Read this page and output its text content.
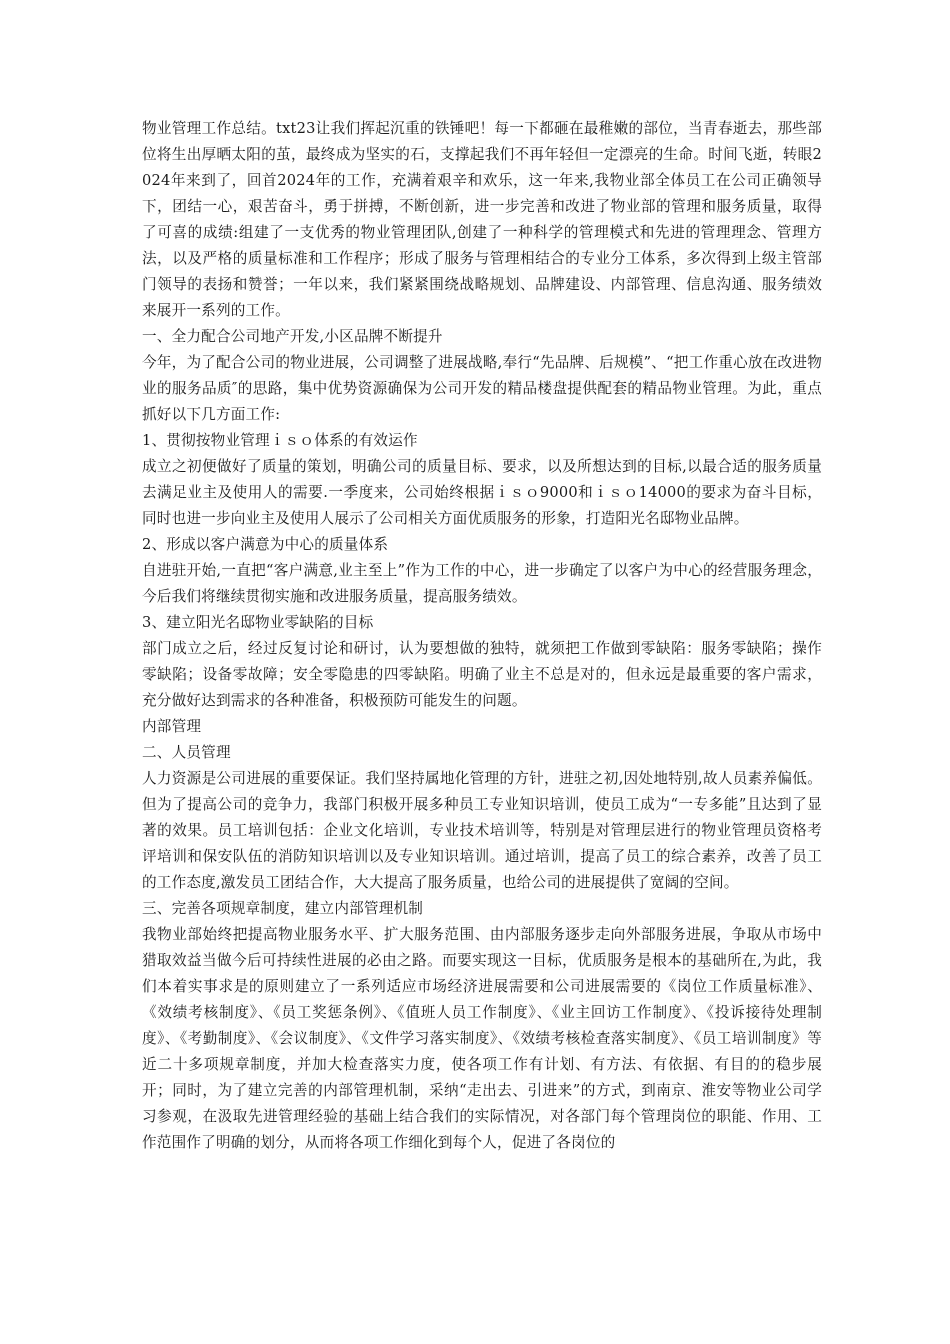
物业管理工作总结。txt23让我们挥起沉重的铁锤吧！每一下都砸在最稚嫩的部位，当青春逝去，那些部位将生出厚晒太阳的茧，最终成为坚实的石，支撑起我们不再年轻但一定漂亮的生命。时间飞逝，转眼2024年来到了，回首2024年的工作，充满着艰辛和欢乐，这一年来,我物业部全体员工在公司正确领导下，团结一心，艰苦奋斗，勇于拼搏，不断创新，进一步完善和改进了物业部的管理和服务质量，取得了可喜的成绩:组建了一支优秀的物业管理团队,创建了一种科学的管理模式和先进的管理理念、管理方法，以及严格的质量标准和工作程序；形成了服务与管理相结合的专业分工体系，多次得到上级主管部门领导的表扬和赞誉；一年以来，我们紧紧围绕战略规划、品牌建设、内部管理、信息沟通、服务绩效来展开一系列的工作。

一、全力配合公司地产开发,小区品牌不断提升

今年，为了配合公司的物业进展，公司调整了进展战略,奉行“先品牌、后规模”、“把工作重心放在改进物业的服务品质″的思路，集中优势资源确保为公司开发的精品楼盘提供配套的精品物业管理。为此，重点抓好以下几方面工作:

1、贯彻按物业管理ｉｓｏ体系的有效运作

成立之初便做好了质量的策划，明确公司的质量目标、要求，以及所想达到的目标,以最合适的服务质量去满足业主及使用人的需要.一季度来，公司始终根据ｉｓｏ9000和ｉｓｏ14000的要求为奋斗目标，同时也进一步向业主及使用人展示了公司相关方面优质服务的形象，打造阳光名邸物业品牌。

2、形成以客户满意为中心的质量体系

自进驻开始,一直把“客户满意,业主至上”作为工作的中心，进一步确定了以客户为中心的经营服务理念，今后我们将继续贯彻实施和改进服务质量，提高服务绩效。

3、建立阳光名邸物业零缺陷的目标

部门成立之后，经过反复讨论和研讨，认为要想做的独特，就须把工作做到零缺陷：服务零缺陷；操作零缺陷；设备零故障；安全零隐患的四零缺陷。明确了业主不总是对的，但永远是最重要的客户需求，充分做好达到需求的各种准备，积极预防可能发生的问题。

内部管理

二、人员管理

人力资源是公司进展的重要保证。我们坚持属地化管理的方针，进驻之初,因处地特别,故人员素养偏低。但为了提高公司的竞争力，我部门积极开展多种员工专业知识培训，使员工成为“一专多能”且达到了显著的效果。员工培训包括：企业文化培训，专业技术培训等，特别是对管理层进行的物业管理员资格考评培训和保安队伍的消防知识培训以及专业知识培训。通过培训，提高了员工的综合素养，改善了员工的工作态度,激发员工团结合作，大大提高了服务质量，也给公司的进展提供了宽阔的空间。

三、完善各项规章制度，建立内部管理机制

我物业部始终把提高物业服务水平、扩大服务范围、由内部服务逐步走向外部服务进展，争取从市场中猎取效益当做今后可持续性进展的必由之路。而要实现这一目标，优质服务是根本的基础所在,为此，我们本着实事求是的原则建立了一系列适应市场经济进展需要和公司进展需要的《岗位工作质量标准》、《效绩考核制度》、《员工奖惩条例》、《值班人员工作制度》、《业主回访工作制度》、《投诉接待处理制度》、《考勤制度》、《会议制度》、《文件学习落实制度》、《效绩考核检查落实制度》、《员工培训制度》等近二十多项规章制度，并加大检查落实力度，使各项工作有计划、有方法、有依据、有目的的稳步展开；同时，为了建立完善的内部管理机制，采纳“走出去、引进来”的方式，到南京、淮安等物业公司学习参观，在汲取先进管理经验的基础上结合我们的实际情况，对各部门每个管理岗位的职能、作用、工作范围作了明确的划分，从而将各项工作细化到每个人，促进了各岗位的
